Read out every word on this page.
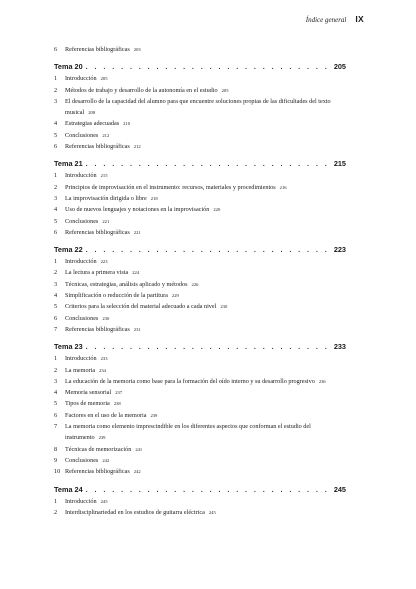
Índice general IX
6	Referencias bibliográficas 203
Tema 20 . . .	205
1	Introducción 205
2	Métodos de trabajo y desarrollo de la autonomía en el estudio 205
3	El desarrollo de la capacidad del alumno para que encuentre soluciones propias de las dificultades del texto musical 208
4	Estrategias adecuadas 210
5	Conclusiones 212
6	Referencias bibliográficas 212
Tema 21 . . .	215
1	Introducción 215
2	Principios de improvisación en el instrumento: recursos, materiales y procedimientos 216
3	La improvisación dirigida o libre 218
4	Uso de nuevos lenguajes y notaciones en la improvisación 220
5	Conclusiones 221
6	Referencias bibliográficas 221
Tema 22 . . .	223
1	Introducción 223
2	La lectura a primera vista 224
3	Técnicas, estrategias, análisis aplicado y métodos 226
4	Simplificación o reducción de la partitura 229
5	Criterios para la selección del material adecuado a cada nivel 230
6	Conclusiones 230
7	Referencias bibliográficas 231
Tema 23 . . .	233
1	Introducción 233
2	La memoria 234
3	La educación de la memoria como base para la formación del oído interno y su desarrollo progresivo 236
4	Memoria sensorial 237
5	Tipos de memoria 238
6	Factores en el uso de la memoria 239
7	La memoria como elemento imprescindible en los diferentes aspectos que conforman el estudio del instrumento 239
8	Técnicas de memorización 241
9	Conclusiones 242
10 Referencias bibliográficas 242
Tema 24 . . .	245
1	Introducción 245
2	Interdisciplinariedad en los estudios de guitarra eléctrica 245
